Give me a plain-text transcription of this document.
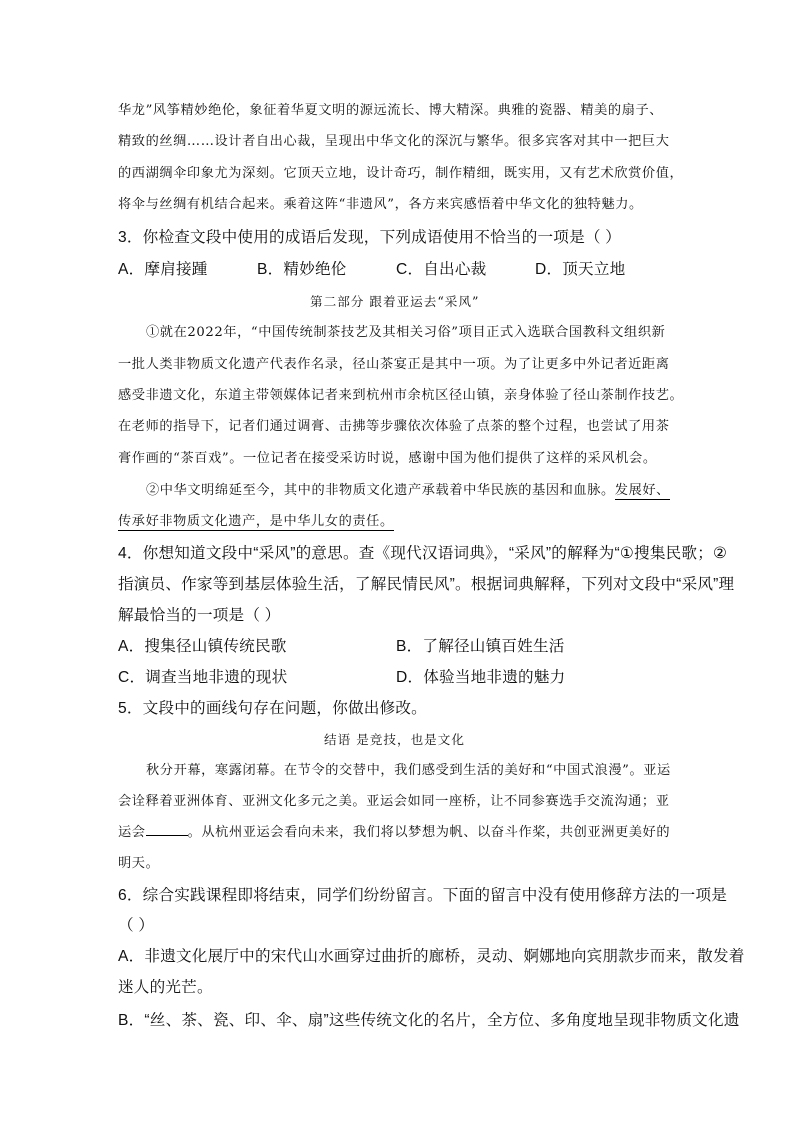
华龙”风筝精妙绝伦，象征着华夏文明的源远流长、博大精深。典雅的瓷器、精美的扇子、
精致的丝绸……设计者自出心裁，呈现出中华文化的深沉与繁华。很多宾客对其中一把巨大
的西湖绸伞印象尤为深刻。它顶天立地，设计奇巧，制作精细，既实用，又有艺术欣赏价值，
将伞与丝绸有机结合起来。乘着这阵“非遗风”，各方来宾感悟着中华文化的独特魅力。
3．你检查文段中使用的成语后发现，下列成语使用不恰当的一项是（ ）
A．摩肩接踵	B．精妙绝伦	C．自出心裁	D．顶天立地
第二部分 跟着亚运去“采风”
①就在2022年，“中国传统制茶技艺及其相关习俗”项目正式入选联合国教科文组织新
一批人类非物质文化遗产代表作名录，径山茶宴正是其中一项。为了让更多中外记者近距离
感受非遗文化，东道主带领媒体记者来到杭州市余杭区径山镇，亲身体验了径山茶制作技艺。
在老师的指导下，记者们通过调膏、击拂等步骤依次体验了点茶的整个过程，也尝试了用茶
膏作画的“茶百戏”。一位记者在接受采访时说，感谢中国为他们提供了这样的采风机会。
②中华文明绵延至今，其中的非物质文化遗产承载着中华民族的基因和血脉。发展好、
传承好非物质文化遗产，是中华儿女的责任。
4．你想知道文段中“采风”的意思。查《现代汉语词典》，“采风”的解释为“①搜集民歌；②
指演员、作家等到基层体验生活，了解民情民风”。根据词典解释，下列对文段中“采风”理
解最恰当的一项是（ ）
A．搜集径山镇传统民歌	B．了解径山镇百姓生活
C．调查当地非遗的现状	D．体验当地非遗的魅力
5．文段中的画线句存在问题，你做出修改。
结语 是竞技，也是文化
秋分开幕，寒露闭幕。在节令的交替中，我们感受到生活的美好和“中国式浪漫”。亚运
会诠释着亚洲体育、亚洲文化多元之美。亚运会如同一座桥，让不同参赛选手交流沟通；亚
运会	。从杭州亚运会看向未来，我们将以梦想为帆、以奋斗作桨，共创亚洲更美好的
明天。
6．综合实践课程即将结束，同学们纷纷留言。下面的留言中没有使用修辞方法的一项是
（ ）
A．非遗文化展厅中的宋代山水画穿过曲折的廊桥，灵动、婀娜地向宾朋款步而来，散发着
迷人的光芒。
B．“丝、茶、瓷、印、伞、扇”这些传统文化的名片，全方位、多角度地呈现非物质文化遗
